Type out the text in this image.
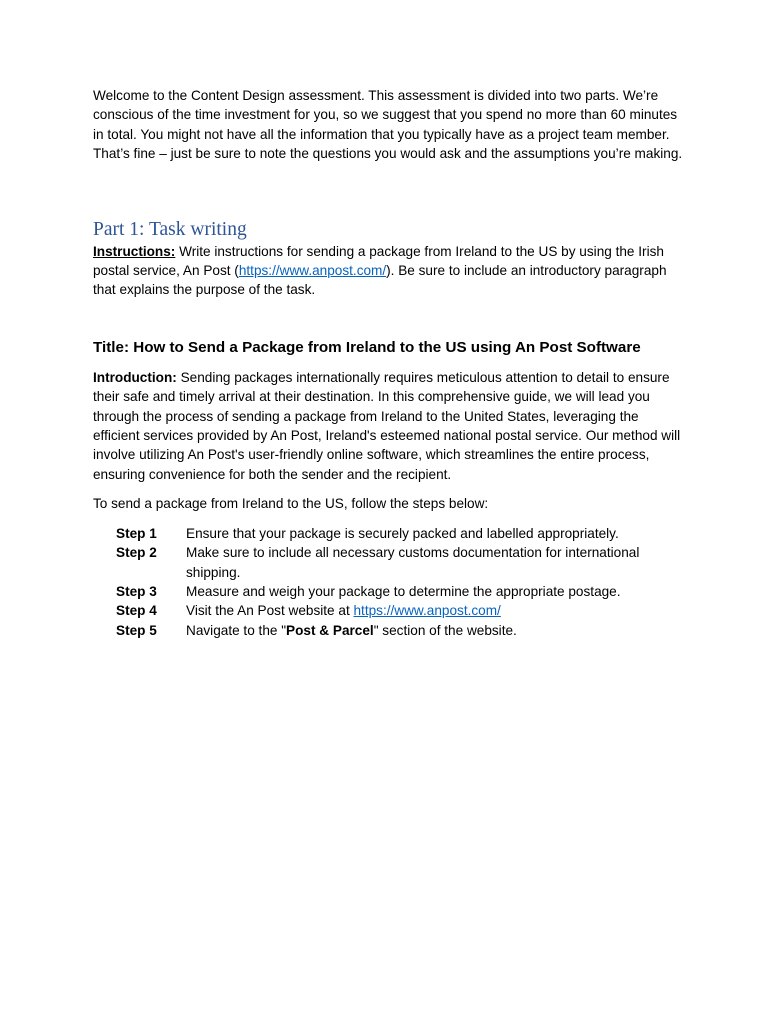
Welcome to the Content Design assessment. This assessment is divided into two parts. We’re conscious of the time investment for you, so we suggest that you spend no more than 60 minutes in total. You might not have all the information that you typically have as a project team member. That’s fine – just be sure to note the questions you would ask and the assumptions you’re making.

Part 1: Task writing

Instructions: Write instructions for sending a package from Ireland to the US by using the Irish postal service, An Post (https://www.anpost.com/). Be sure to include an introductory paragraph that explains the purpose of the task.

Title: How to Send a Package from Ireland to the US using An Post Software

Introduction: Sending packages internationally requires meticulous attention to detail to ensure their safe and timely arrival at their destination. In this comprehensive guide, we will lead you through the process of sending a package from Ireland to the United States, leveraging the efficient services provided by An Post, Ireland's esteemed national postal service. Our method will involve utilizing An Post's user-friendly online software, which streamlines the entire process, ensuring convenience for both the sender and the recipient.

To send a package from Ireland to the US, follow the steps below:

Step 1	Ensure that your package is securely packed and labelled appropriately.
Step 2	Make sure to include all necessary customs documentation for international shipping.
Step 3	Measure and weigh your package to determine the appropriate postage.
Step 4	Visit the An Post website at https://www.anpost.com/
Step 5	Navigate to the "Post & Parcel" section of the website.
